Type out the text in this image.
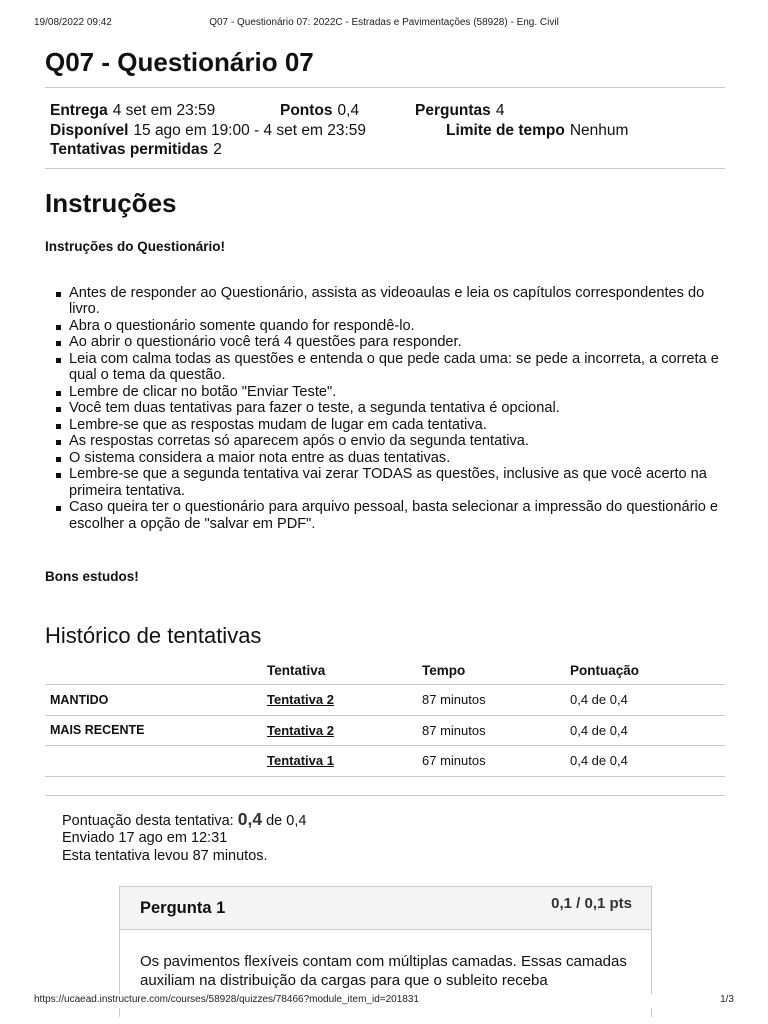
19/08/2022 09:42	Q07 - Questionário 07: 2022C - Estradas e Pavimentações (58928) - Eng. Civil
Q07 - Questionário 07
Entrega 4 set em 23:59	Pontos 0,4	Perguntas 4
Disponível 15 ago em 19:00 - 4 set em 23:59	Limite de tempo Nenhum
Tentativas permitidas 2
Instruções

Instruções do Questionário!

Antes de responder ao Questionário, assista as videoaulas e leia os capítulos correspondentes do livro.
Abra o questionário somente quando for respondê-lo.
Ao abrir o questionário você terá 4 questões para responder.
Leia com calma todas as questões e entenda o que pede cada uma: se pede a incorreta, a correta e qual o tema da questão.
Lembre de clicar no botão "Enviar Teste".
Você tem duas tentativas para fazer o teste, a segunda tentativa é opcional.
Lembre-se que as respostas mudam de lugar em cada tentativa.
As respostas corretas só aparecem após o envio da segunda tentativa.
O sistema considera a maior nota entre as duas tentativas.
Lembre-se que a segunda tentativa vai zerar TODAS as questões, inclusive as que você acerto na primeira tentativa.
Caso queira ter o questionário para arquivo pessoal, basta selecionar a impressão do questionário e escolher a opção de "salvar em PDF".

Bons estudos!

Histórico de tentativas
	Tentativa	Tempo	Pontuação
MANTIDO	Tentativa 2	87 minutos	0,4 de 0,4
MAIS RECENTE	Tentativa 2	87 minutos	0,4 de 0,4
	Tentativa 1	67 minutos	0,4 de 0,4

Pontuação desta tentativa: 0,4 de 0,4
Enviado 17 ago em 12:31
Esta tentativa levou 87 minutos.
Pergunta 1	0,1 / 0,1 pts
Os pavimentos flexíveis contam com múltiplas camadas. Essas camadas auxiliam na distribuição da cargas para que o subleito receba
https://ucaead.instructure.com/courses/58928/quizzes/78466?module_item_id=201831	1/3
